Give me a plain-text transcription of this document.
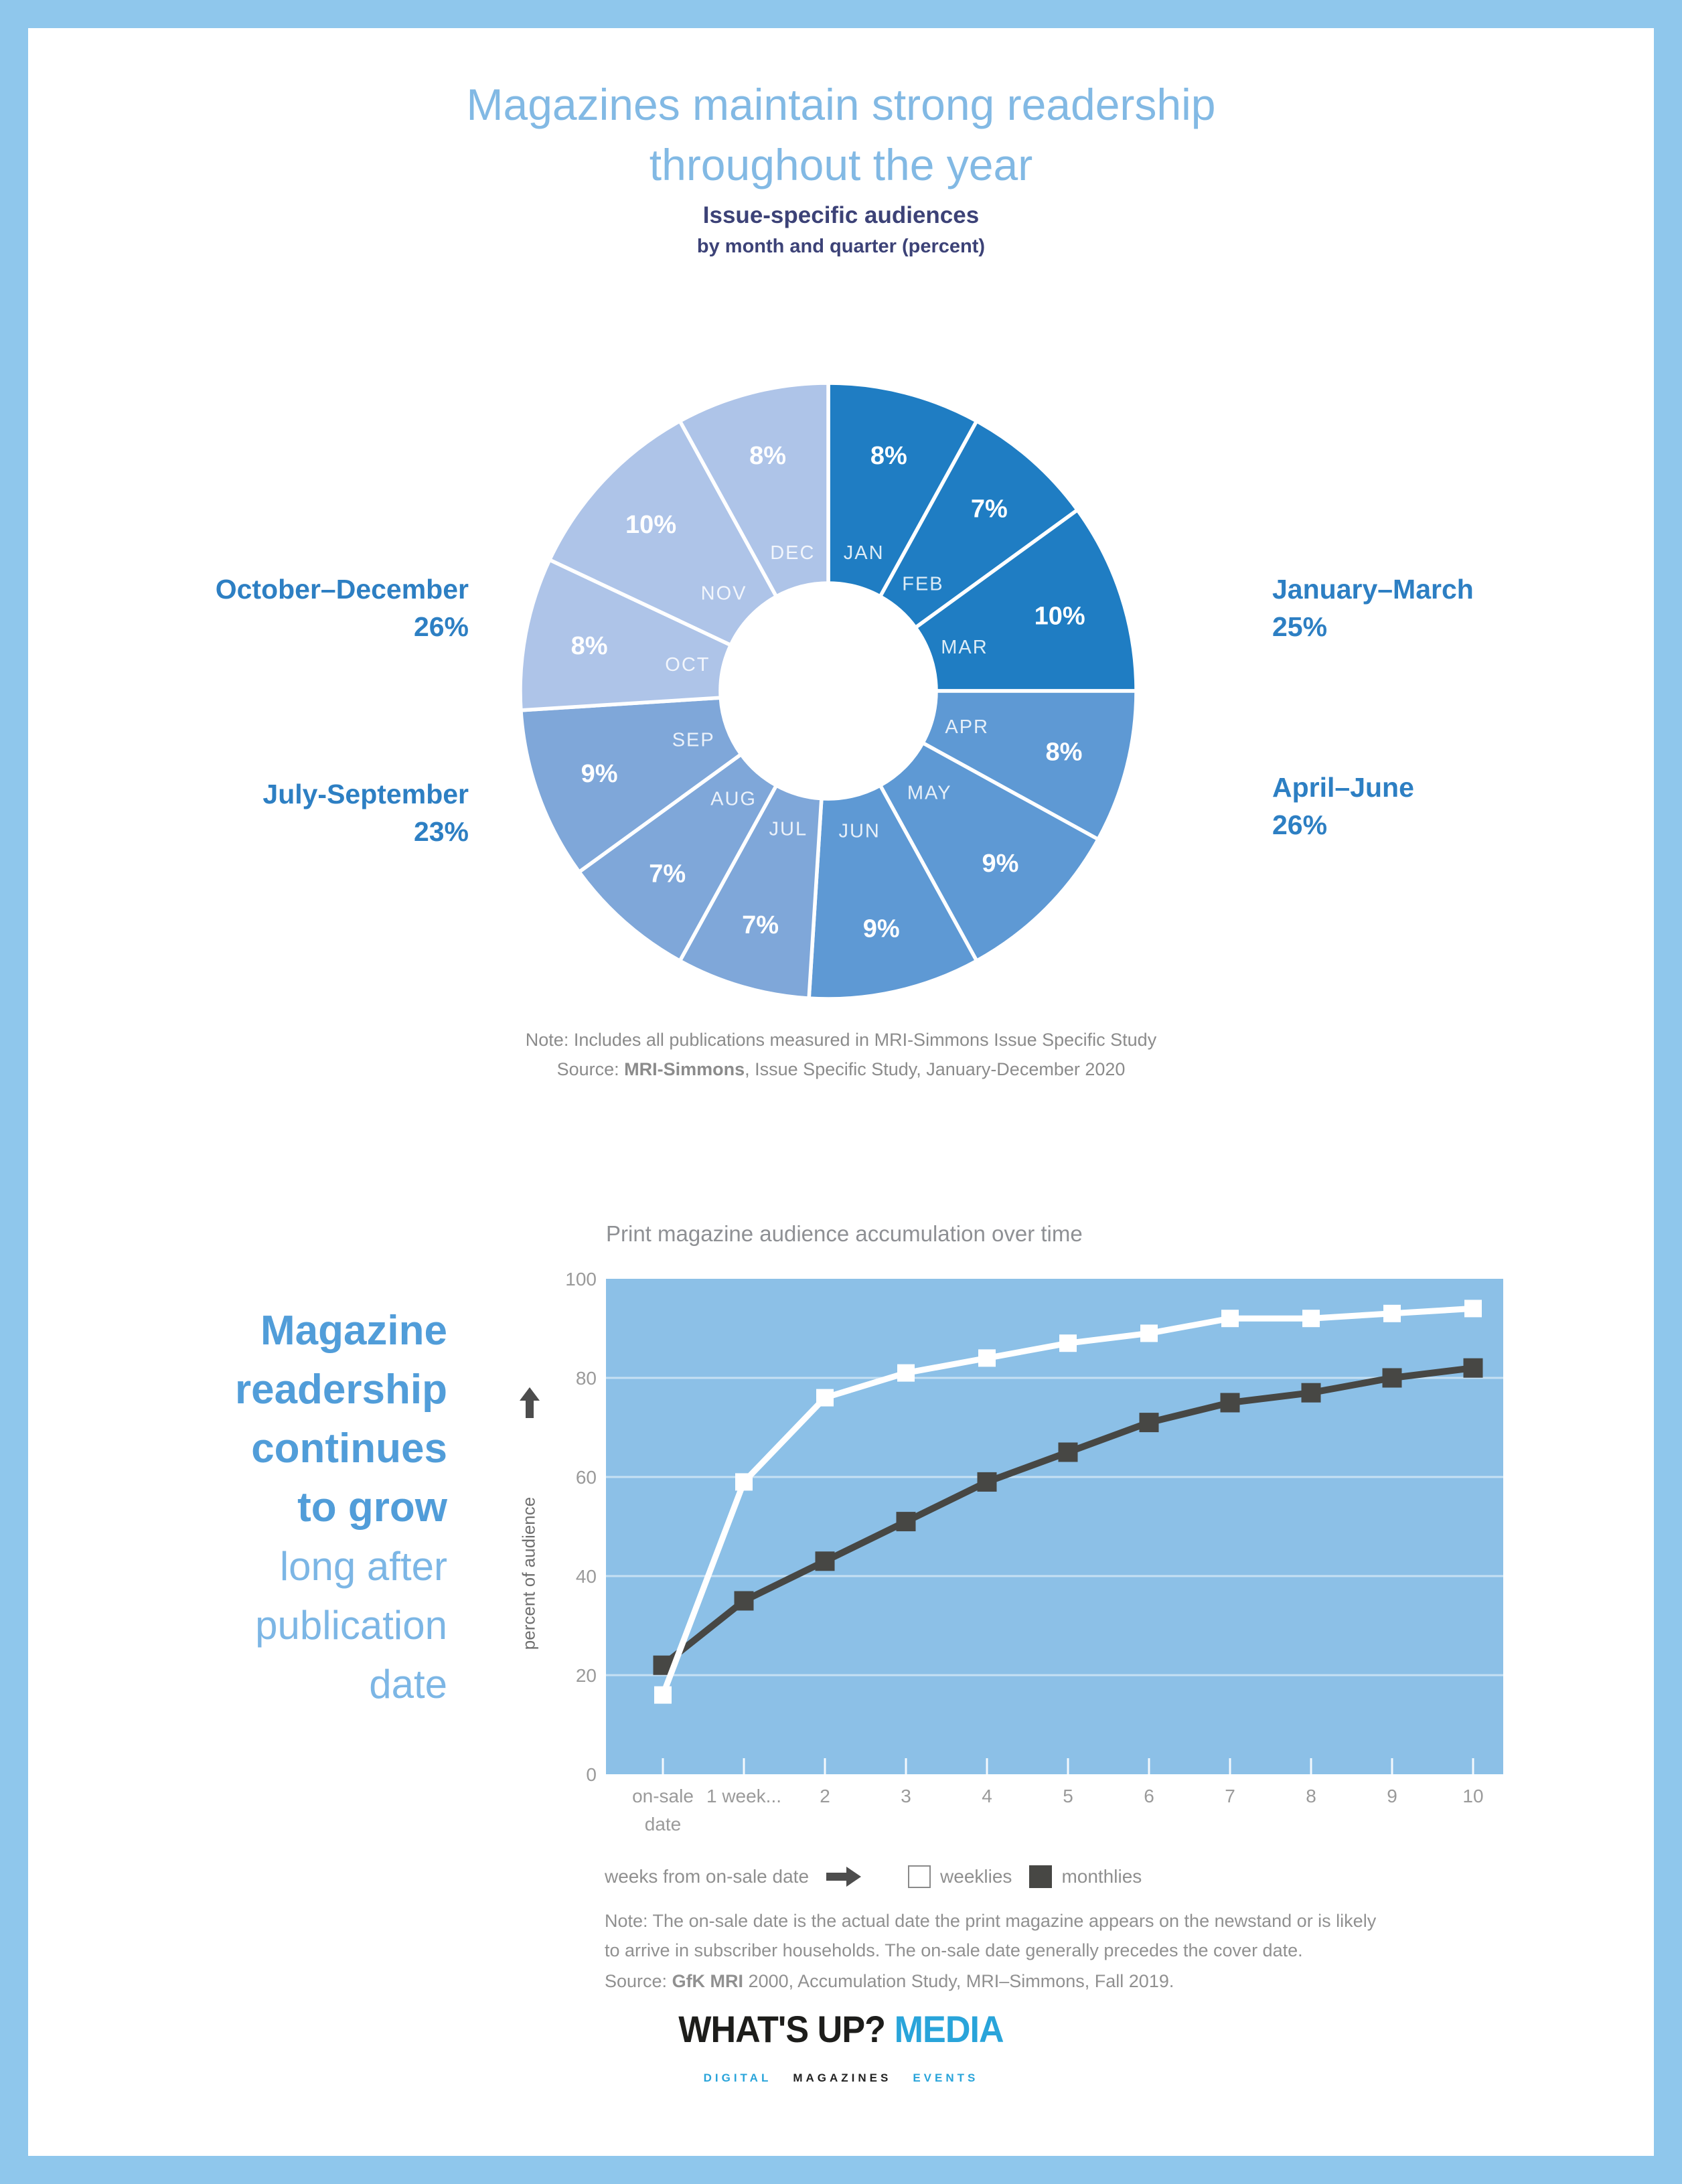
Magazines maintain strong readership
throughout the year
Issue-specific audiences
by month and quarter (percent)
8%
JAN
7%
FEB
10%
MAR
8%
APR
9%
MAY
9%
JUN
7%
JUL
7%
AUG
9%
SEP
8%
OCT
10%
NOV
8%
DEC
January–March
25%
April–June
26%
October–December
26%
July-September
23%
Note: Includes all publications measured in MRI-Simmons Issue Specific Study
Source: MRI-Simmons, Issue Specific Study, January-December 2020
Magazine
readership
continues
to grow
long after
publication
date
Print magazine audience accumulation over time
0
20
40
60
80
100
on-sale date
1 week... 2	3	4	5	6	7	8	9	10
percent of audience
weeks from on-sale date	weeklies	monthlies
Note: The on-sale date is the actual date the print magazine appears on the newstand or is likely
to arrive in subscriber households. The on-sale date generally precedes the cover date.
Source: GfK MRI 2000, Accumulation Study, MRI–Simmons, Fall 2019.
WHAT'S UP? MEDIA
DIGITAL MAGAZINES EVENTS
